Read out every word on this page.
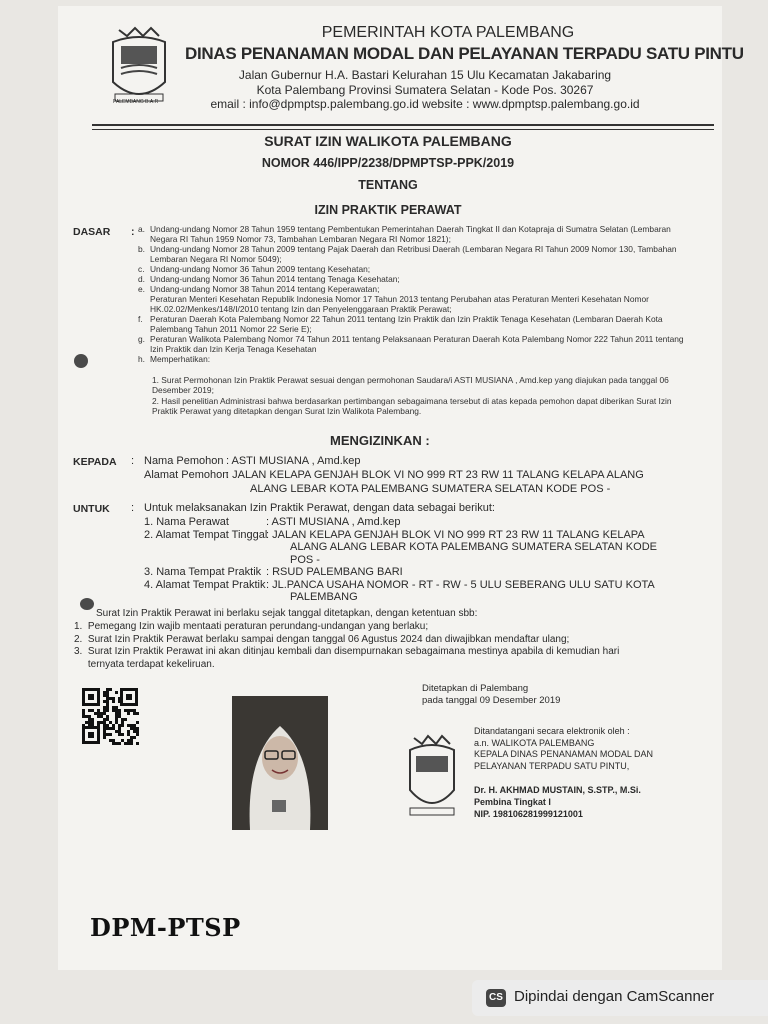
PALEMBANG B.A.R
PEMERINTAH KOTA PALEMBANG
DINAS PENANAMAN MODAL DAN PELAYANAN TERPADU SATU PINTU
Jalan Gubernur H.A. Bastari Kelurahan 15 Ulu Kecamatan Jakabaring
Kota Palembang Provinsi Sumatera Selatan - Kode Pos. 30267
email : info@dpmptsp.palembang.go.id website : www.dpmptsp.palembang.go.id
SURAT IZIN WALIKOTA PALEMBANG
NOMOR 446/IPP/2238/DPMPTSP-PPK/2019
TENTANG
IZIN PRAKTIK PERAWAT
DASAR : a. Undang-undang Nomor 28 Tahun 1959 tentang Pembentukan Pemerintahan Daerah Tingkat II dan Kotapraja di Sumatra Selatan (Lembaran Negara RI Tahun 1959 Nomor 73, Tambahan Lembaran Negara RI Nomor 1821);
b. Undang-undang Nomor 28 Tahun 2009 tentang Pajak Daerah dan Retribusi Daerah (Lembaran Negara RI Tahun 2009 Nomor 130, Tambahan Lembaran Negara RI Nomor 5049);
c. Undang-undang Nomor 36 Tahun 2009 tentang Kesehatan;
d. Undang-undang Nomor 36 Tahun 2014 tentang Tenaga Kesehatan;
e. Undang-undang Nomor 38 Tahun 2014 tentang Keperawatan;
Peraturan Menteri Kesehatan Republik Indonesia Nomor 17 Tahun 2013 tentang Perubahan atas Peraturan Menteri Kesehatan Nomor HK.02.02/Menkes/148/I/2010 tentang Izin dan Penyelenggaraan Praktik Perawat;
f. Peraturan Daerah Kota Palembang Nomor 22 Tahun 2011 tentang Izin Praktik dan Izin Praktik Tenaga Kesehatan (Lembaran Daerah Kota Palembang Tahun 2011 Nomor 22 Serie E);
g. Peraturan Walikota Palembang Nomor 74 Tahun 2011 tentang Pelaksanaan Peraturan Daerah Kota Palembang Nomor 222 Tahun 2011 tentang Izin Praktik dan Izin Kerja Tenaga Kesehatan
h. Memperhatikan:
1. Surat Permohonan Izin Praktik Perawat sesuai dengan permohonan Saudara/i ASTI MUSIANA , Amd.kep yang diajukan pada tanggal 06 Desember 2019;
2. Hasil penelitian Administrasi bahwa berdasarkan pertimbangan sebagaimana tersebut di atas kepada pemohon dapat diberikan Surat Izin Praktik Perawat yang ditetapkan dengan Surat Izin Walikota Palembang.
MENGIZINKAN :
KEPADA : Nama Pemohon : ASTI MUSIANA , Amd.kep
Alamat Pemohon
: JALAN KELAPA GENJAH BLOK VI NO 999 RT 23 RW 11 TALANG KELAPA ALANG
ALANG LEBAR KOTA PALEMBANG SUMATERA SELATAN KODE POS -
UNTUK : Untuk melaksanakan Izin Praktik Perawat, dengan data sebagai berikut:
1. Nama Perawat	: ASTI MUSIANA , Amd.kep
2. Alamat Tempat Tinggal
: JALAN KELAPA GENJAH BLOK VI NO 999 RT 23 RW 11 TALANG KELAPA
ALANG ALANG LEBAR KOTA PALEMBANG SUMATERA SELATAN KODE
POS -
3. Nama Tempat Praktik : RSUD PALEMBANG BARI
4. Alamat Tempat Praktik : JL.PANCA USAHA NOMOR - RT - RW - 5 ULU SEBERANG ULU SATU KOTA
PALEMBANG
Surat Izin Praktik Perawat ini berlaku sejak tanggal ditetapkan, dengan ketentuan sbb:
1.  Pemegang Izin wajib mentaati peraturan perundang-undangan yang berlaku;
2.  Surat Izin Praktik Perawat berlaku sampai dengan tanggal 06 Agustus 2024 dan diwajibkan mendaftar ulang;
3.  Surat Izin Praktik Perawat ini akan ditinjau kembali dan disempurnakan sebagaimana mestinya apabila di kemudian hari
ternyata terdapat kekeliruan.
Ditetapkan di Palembang
pada tanggal 09 Desember 2019
Ditandatangani secara elektronik oleh :
a.n. WALIKOTA PALEMBANG
KEPALA DINAS PENANAMAN MODAL DAN
PELAYANAN TERPADU SATU PINTU,
Dr. H. AKHMAD MUSTAIN, S.STP., M.Si.
Pembina Tingkat I
NIP. 198106281999121001
DPM-PTSP
CS Dipindai dengan CamScanner
